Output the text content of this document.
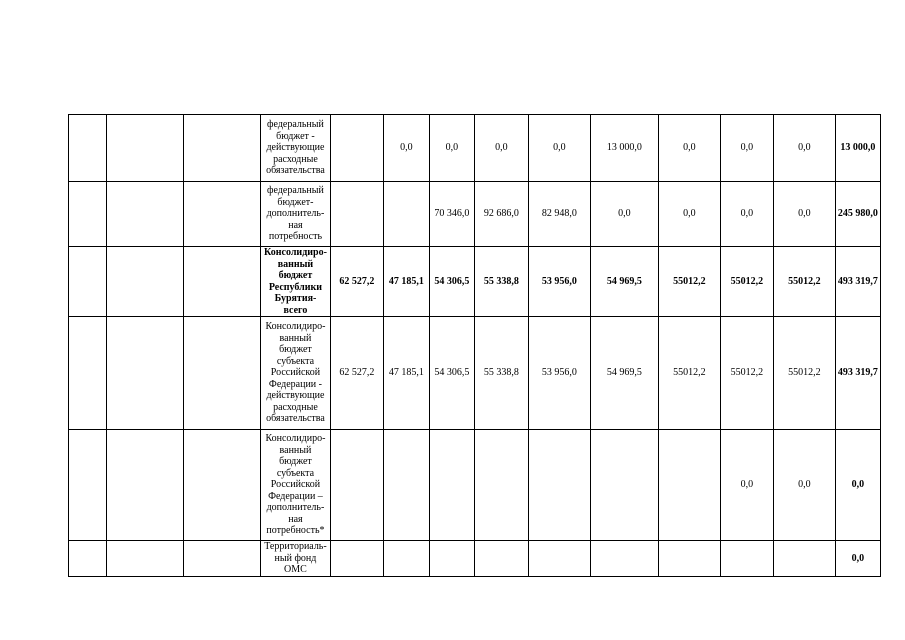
			федеральный бюджет - действующие расходные обязательства		0,0	0,0	0,0	0,0	13 000,0	0,0	0,0	0,0	13 000,0
			федеральный бюджет-дополнитель-ная потребность			70 346,0	92 686,0	82 948,0	0,0	0,0	0,0	0,0	245 980,0
			Консолидиро-ванный бюджет Республики Бурятия-всего	62 527,2	47 185,1	54 306,5	55 338,8	53 956,0	54 969,5	55012,2	55012,2	55012,2	493 319,7
			Консолидиро-ванный бюджет субъекта Российской Федерации - действующие расходные обязательства	62 527,2	47 185,1	54 306,5	55 338,8	53 956,0	54 969,5	55012,2	55012,2	55012,2	493 319,7
			Консолидиро-ванный бюджет субъекта Российской Федерации – дополнитель-ная потребность*								0,0	0,0	0,0
			Территориаль-ный фонд ОМС										0,0
